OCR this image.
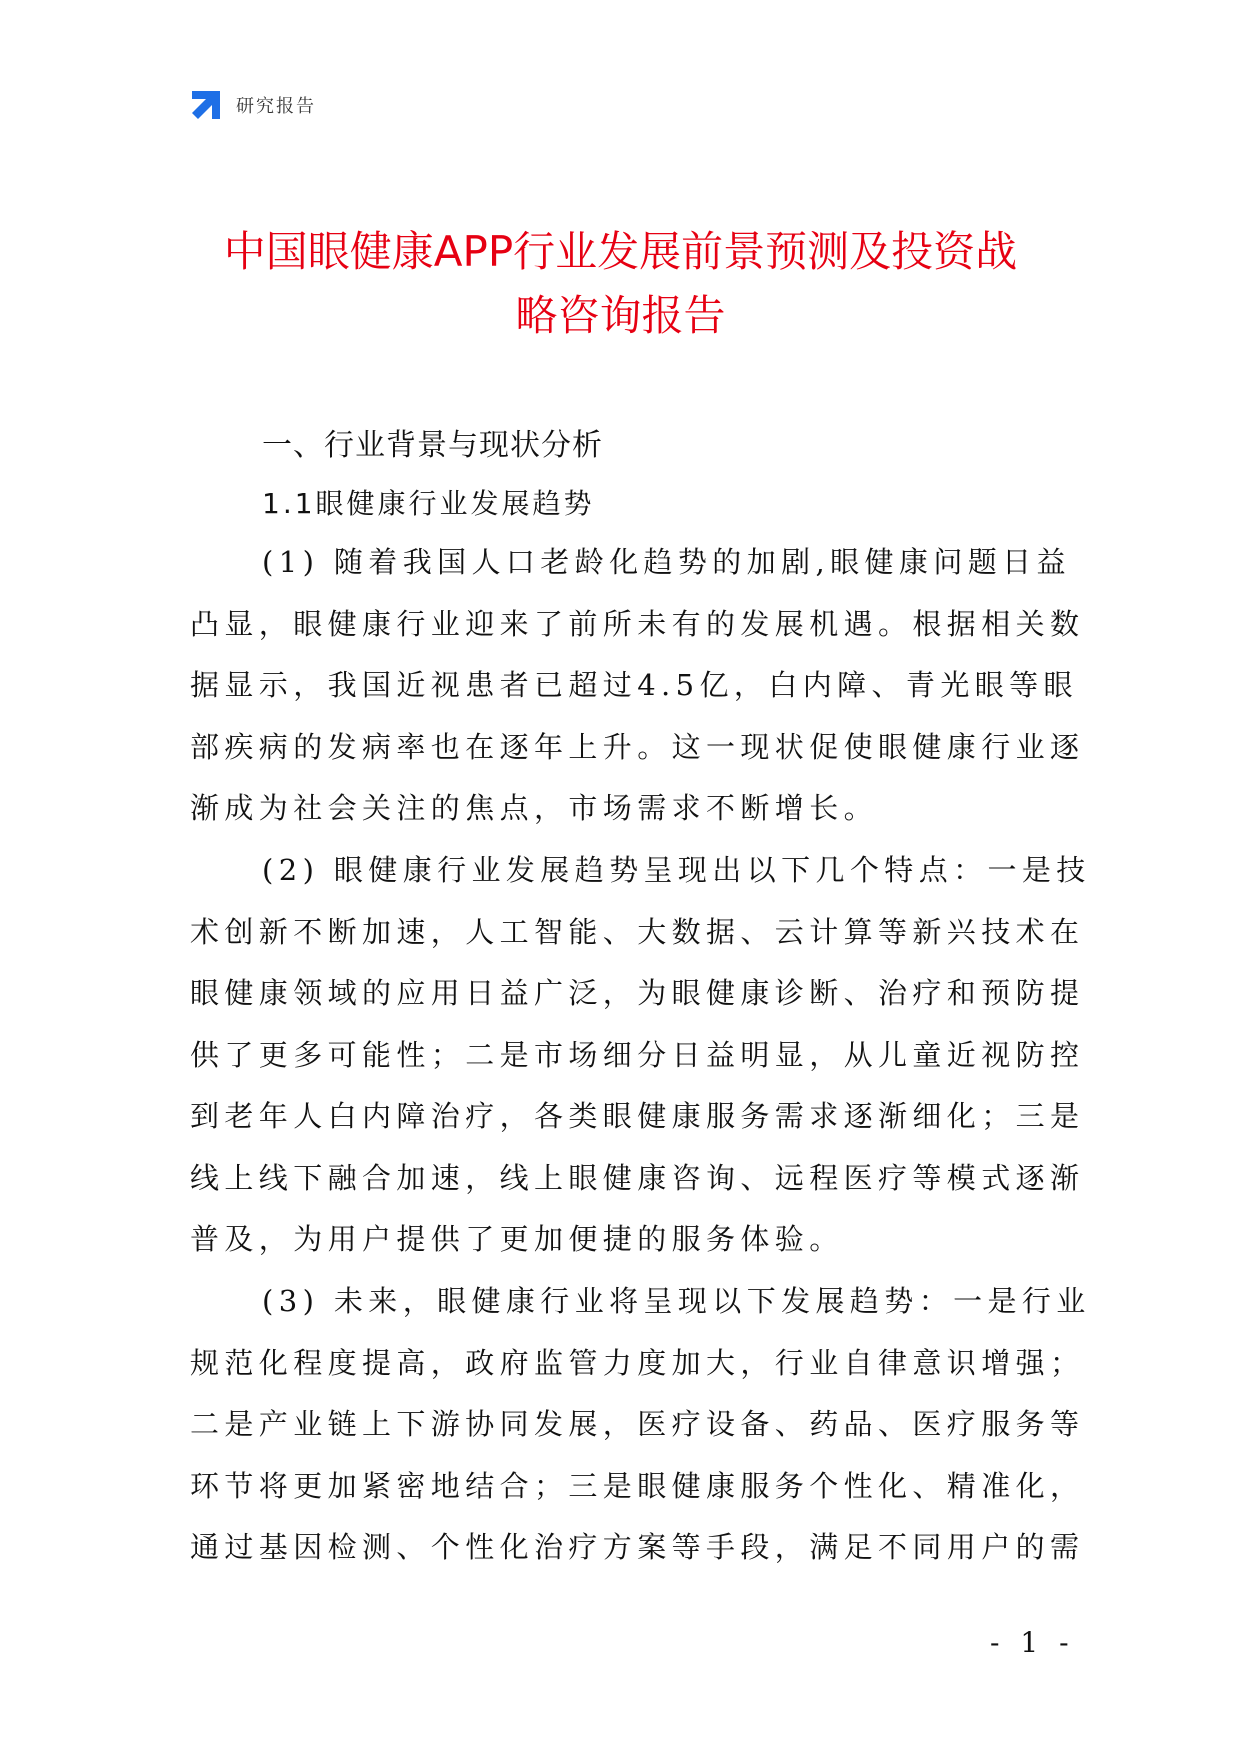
研究报告
中国眼健康APP行业发展前景预测及投资战
略咨询报告
一、行业背景与现状分析
1.1眼健康行业发展趋势

(1) 随着我国人口老龄化趋势的加剧,眼健康问题日益
凸显，眼健康行业迎来了前所未有的发展机遇。根据相关数
据显示，我国近视患者已超过4.5亿，白内障、青光眼等眼
部疾病的发病率也在逐年上升。这一现状促使眼健康行业逐
渐成为社会关注的焦点，市场需求不断增长。

(2) 眼健康行业发展趋势呈现出以下几个特点：一是技
术创新不断加速，人工智能、大数据、云计算等新兴技术在
眼健康领域的应用日益广泛，为眼健康诊断、治疗和预防提
供了更多可能性；二是市场细分日益明显，从儿童近视防控
到老年人白内障治疗，各类眼健康服务需求逐渐细化；三是
线上线下融合加速，线上眼健康咨询、远程医疗等模式逐渐
普及，为用户提供了更加便捷的服务体验。

(3) 未来，眼健康行业将呈现以下发展趋势：一是行业
规范化程度提高，政府监管力度加大，行业自律意识增强；
二是产业链上下游协同发展，医疗设备、药品、医疗服务等
环节将更加紧密地结合；三是眼健康服务个性化、精准化，
通过基因检测、个性化治疗方案等手段，满足不同用户的需

- 1 -
